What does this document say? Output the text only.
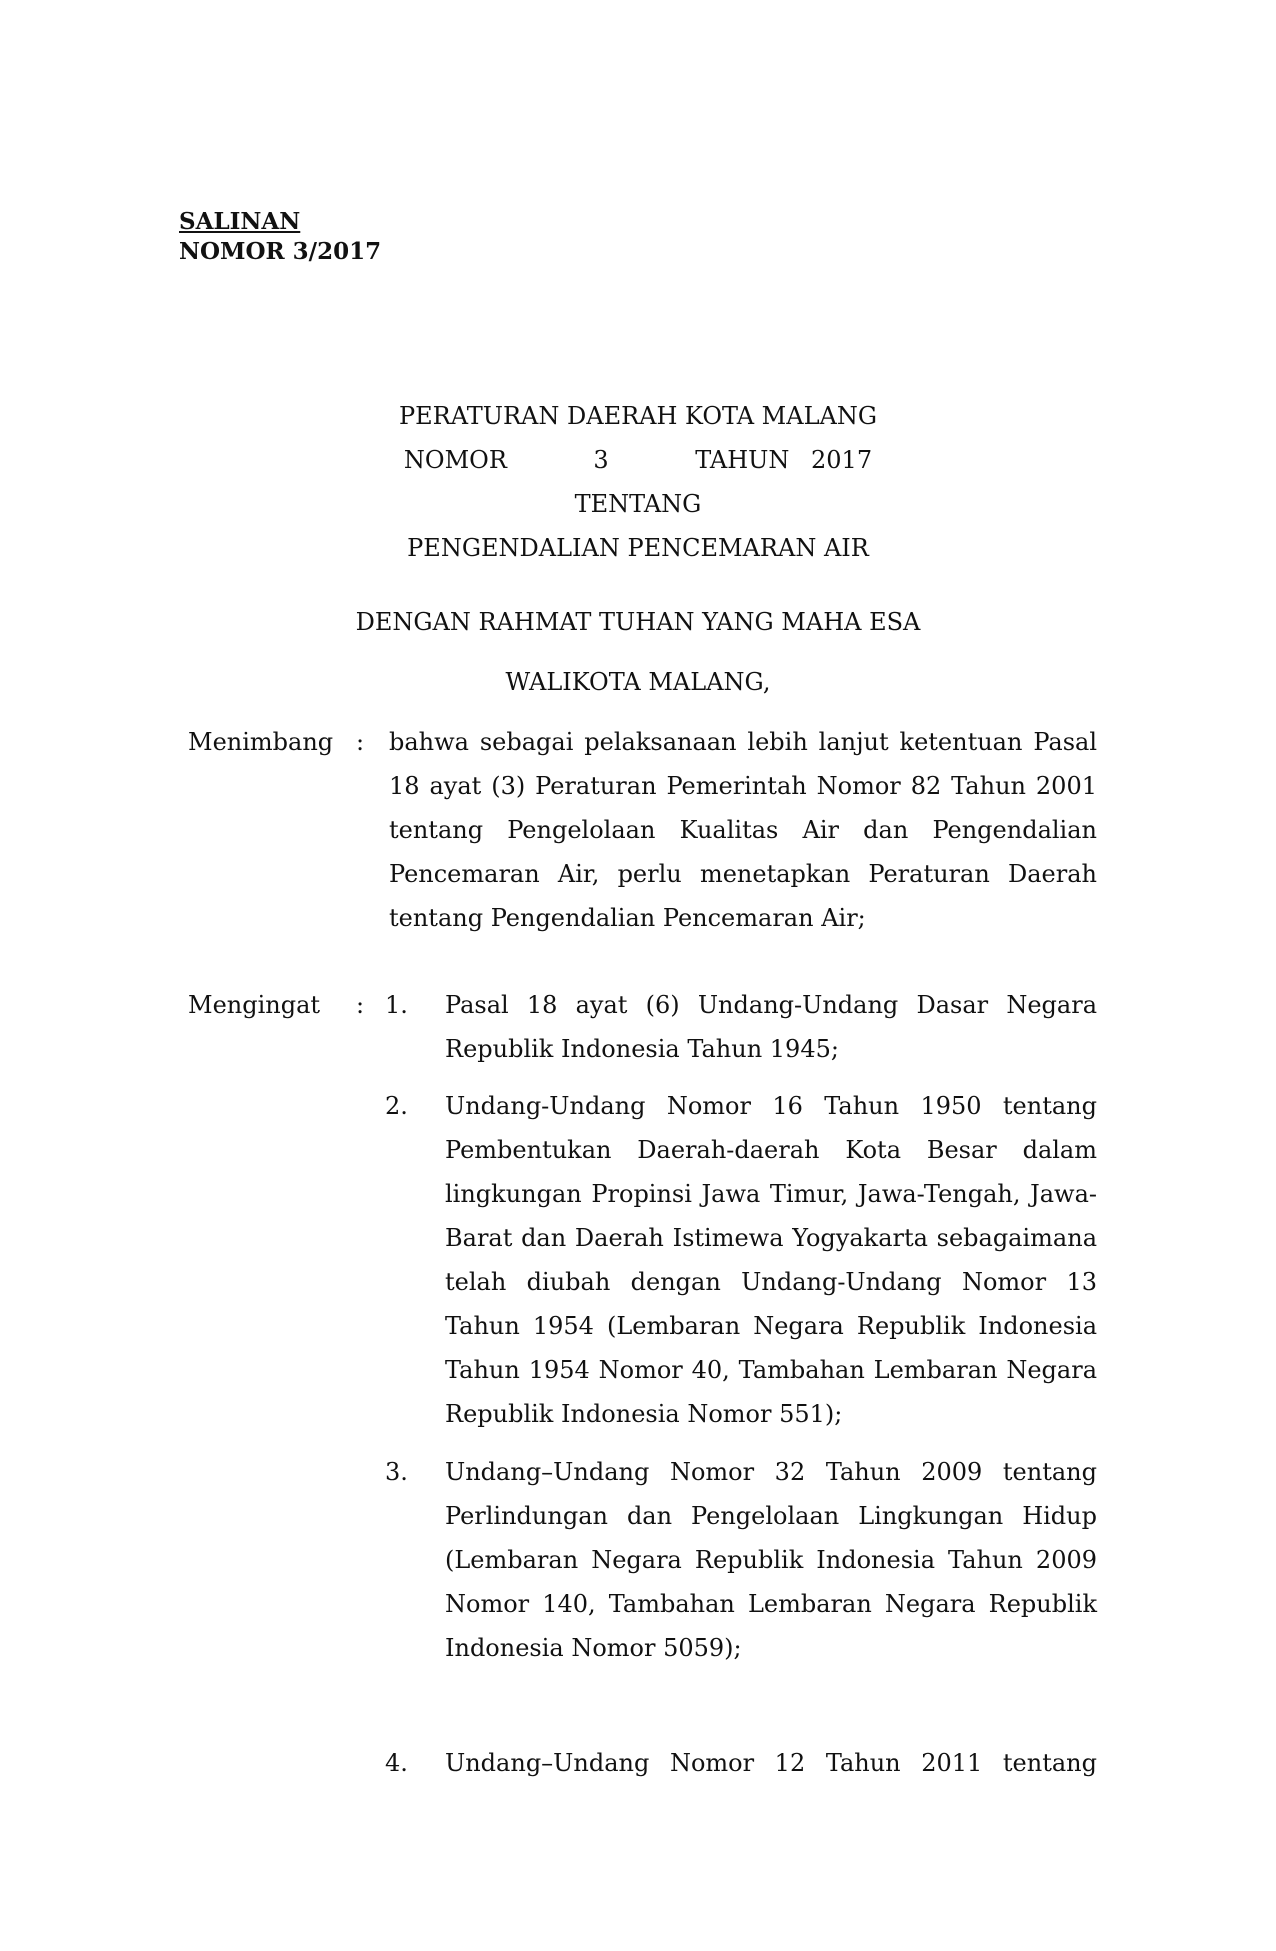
SALINAN
NOMOR 3/2017
PERATURAN DAERAH KOTA MALANG
NOMOR    3    TAHUN 2017
TENTANG
PENGENDALIAN PENCEMARAN AIR
DENGAN RAHMAT TUHAN YANG MAHA ESA
WALIKOTA MALANG,
Menimbang : bahwa sebagai pelaksanaan lebih lanjut ketentuan Pasal 18 ayat (3) Peraturan Pemerintah Nomor 82 Tahun 2001 tentang Pengelolaan Kualitas Air dan Pengendalian Pencemaran Air, perlu menetapkan Peraturan Daerah tentang Pengendalian Pencemaran Air;
Mengingat : 1. Pasal 18 ayat (6) Undang-Undang Dasar Negara Republik Indonesia Tahun 1945;
2. Undang-Undang Nomor 16 Tahun 1950 tentang Pembentukan Daerah-daerah Kota Besar dalam lingkungan Propinsi Jawa Timur, Jawa-Tengah, Jawa-Barat dan Daerah Istimewa Yogyakarta sebagaimana telah diubah dengan Undang-Undang Nomor 13 Tahun 1954 (Lembaran Negara Republik Indonesia Tahun 1954 Nomor 40, Tambahan Lembaran Negara Republik Indonesia Nomor 551);
3. Undang–Undang Nomor 32 Tahun 2009 tentang Perlindungan dan Pengelolaan Lingkungan Hidup (Lembaran Negara Republik Indonesia Tahun 2009 Nomor 140, Tambahan Lembaran Negara Republik Indonesia Nomor 5059);
4. Undang–Undang Nomor 12 Tahun 2011 tentang
